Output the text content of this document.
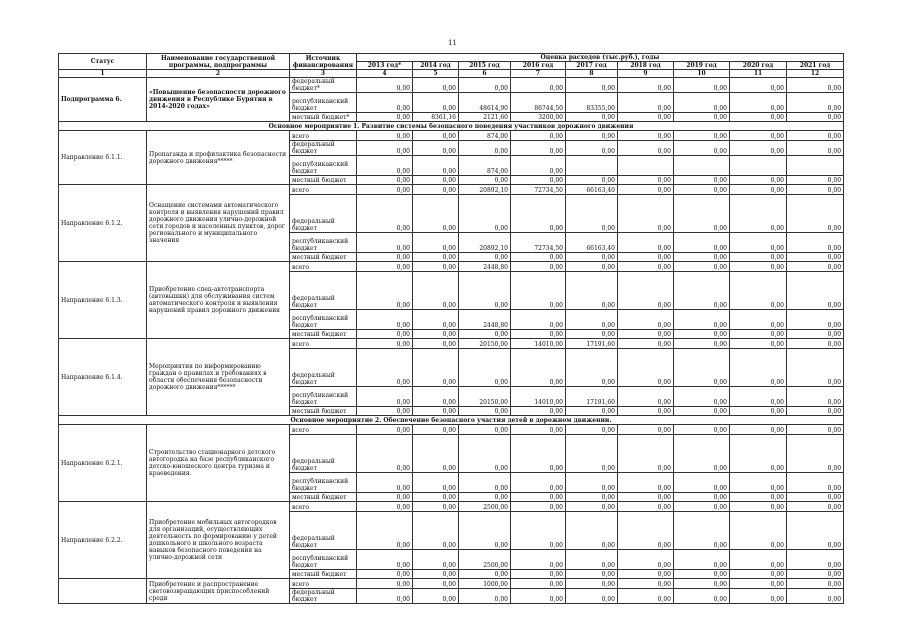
11
Статус	Наименование государственной программы, подпрограммы	Источник финансирования	Оценка расходов (тыс.руб.), годы								
			2013 год*	2014 год	2015 год	2016 год	2017 год	2018 год	2019 год	2020 год	2021 год
1	2	3	4	5	6	7	8	9	10	11	12
Подпрограмма 6.	«Повышение безопасности дорожного движения в Республике Бурятия в 2014-2020 годах»	федеральный бюджет*	0,00	0,00	0,00	0,00	0,00	0,00	0,00	0,00	0,00
		республиканский бюджет	0,00	0,00	48614,90	86744,50	83355,00	0,00	0,00	0,00	0,00
		местный бюджет*	0,00	8361,16	2121,60	3200,00	0,00	0,00	0,00	0,00	0,00
Основное мероприятие 1. Развитие системы безопасного поведения участников дорожного движения											
Направление 6.1.1.	Пропаганда и профилактика безопасности дорожного движения*****	всего	0,00	0,00	874,00	0,00	0,00	0,00	0,00	0,00	0,00
		федеральный бюджет	0,00	0,00	0,00	0,00	0,00	0,00	0,00	0,00	0,00
		республиканский бюджет	0,00	0,00	874,00	0,00					
		местный бюджет	0,00	0,00	0,00	0,00	0,00	0,00	0,00	0,00	0,00
Направление 6.1.2.	Оснащение системами автоматического контроля и выявления нарушений правил дорожного движения улично-дорожной сети городов и населенных пунктов, дорог регионального и муниципального значения	всего	0,00	0,00	20892,10	72734,50	66163,40	0,00	0,00	0,00	0,00
		федеральный бюджет	0,00	0,00	0,00	0,00	0,00	0,00	0,00	0,00	0,00
		республиканский бюджет	0,00	0,00	20892,10	72734,50	66163,40	0,00	0,00	0,00	0,00
		местный бюджет	0,00	0,00	0,00	0,00	0,00	0,00	0,00	0,00	0,00
Направление 6.1.3.	Приобретение спец-автотранспорта (автовышки) для обслуживания систем автоматического контроля и выявления нарушений правил дорожного движения	всего	0,00	0,00	2448,80	0,00	0,00	0,00	0,00	0,00	0,00
		федеральный бюджет	0,00	0,00	0,00	0,00	0,00	0,00	0,00	0,00	0,00
		республиканский бюджет	0,00	0,00	2448,80	0,00	0,00	0,00	0,00	0,00	0,00
		местный бюджет	0,00	0,00	0,00	0,00	0,00	0,00	0,00	0,00	0,00
Направление 6.1.4.	Мероприятия по информированию граждан о правилах и требованиях в области обеспечения безопасности дорожного движения******	всего	0,00	0,00	20150,00	14010,00	17191,60	0,00	0,00	0,00	0,00
		федеральный бюджет	0,00	0,00	0,00	0,00	0,00	0,00	0,00	0,00	0,00
		республиканский бюджет	0,00	0,00	20150,00	14010,00	17191,60	0,00	0,00	0,00	0,00
		местный бюджет	0,00	0,00	0,00	0,00	0,00	0,00	0,00	0,00	0,00
Основное мероприятие 2. Обеспечение безопасного участия детей в дорожном движении.											
Направление 6.2.1.	Строительство стационарного детского автогородка на базе республиканского детско-юношеского центра туризма и краеведения.	всего	0,00	0,00	0,00	0,00	0,00	0,00	0,00	0,00	0,00
		федеральный бюджет	0,00	0,00	0,00	0,00	0,00	0,00	0,00	0,00	0,00
		республиканский бюджет	0,00	0,00	0,00	0,00	0,00	0,00	0,00	0,00	0,00
		местный бюджет	0,00	0,00	0,00	0,00	0,00	0,00	0,00	0,00	0,00
Направление 6.2.2.	Приобретение мобильных автогородков для организаций, осуществляющих деятельность по формированию у детей дошкольного и школьного возраста навыков безопасного поведения на улично-дорожной сети	всего	0,00	0,00	2500,00	0,00	0,00	0,00	0,00	0,00	0,00
		федеральный бюджет	0,00	0,00	0,00	0,00	0,00	0,00	0,00	0,00	0,00
		республиканский бюджет	0,00	0,00	2500,00	0,00	0,00	0,00	0,00	0,00	0,00
		местный бюджет	0,00	0,00	0,00	0,00	0,00	0,00	0,00	0,00	0,00
	Приобретение и распространение световозвращающих приспособлений среди	всего	0,00	0,00	1000,00	0,00	0,00	0,00	0,00	0,00	0,00
		федеральный бюджет	0,00	0,00	0,00	0,00	0,00	0,00	0,00	0,00	0,00
